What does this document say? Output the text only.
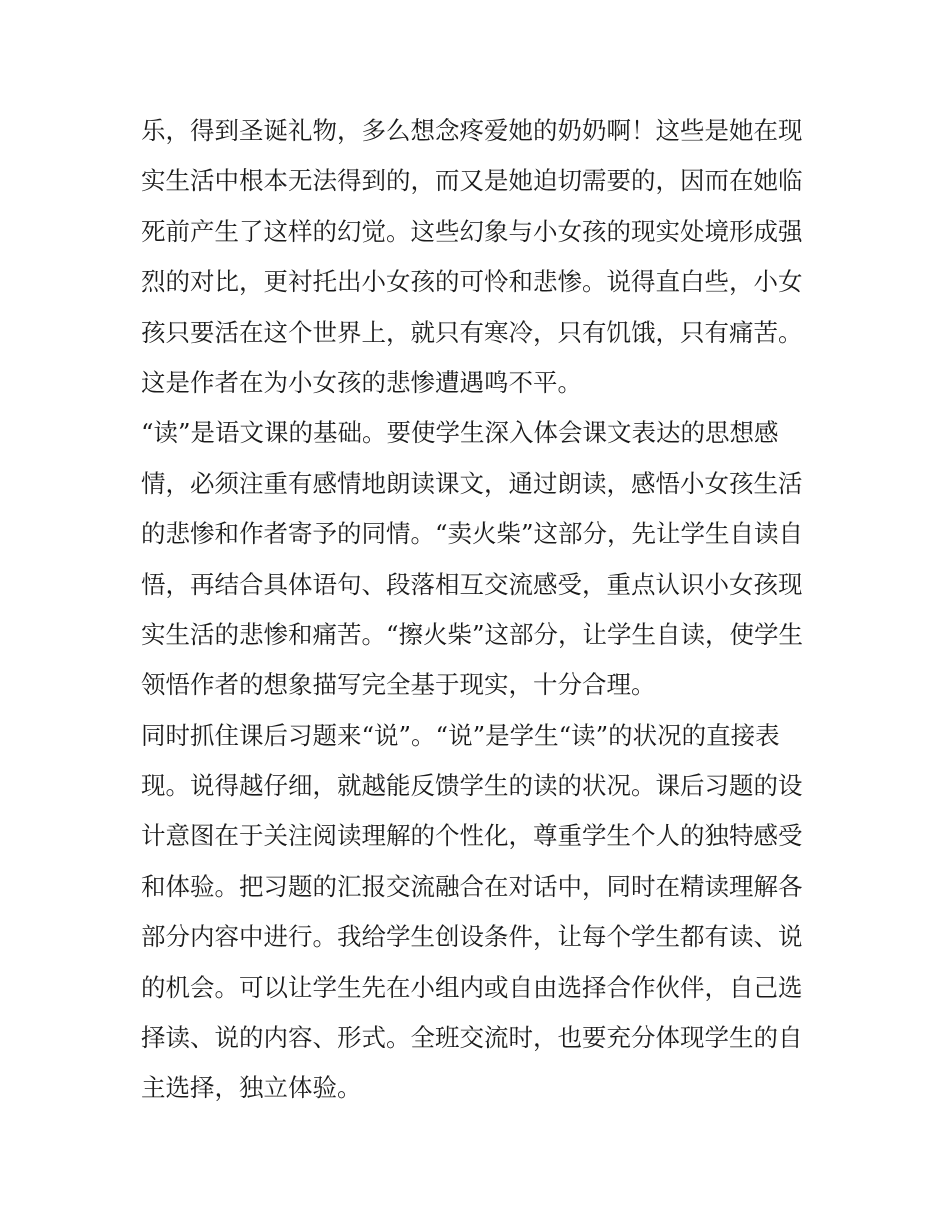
乐，得到圣诞礼物，多么想念疼爱她的奶奶啊！这些是她在现
实生活中根本无法得到的，而又是她迫切需要的，因而在她临
死前产生了这样的幻觉。这些幻象与小女孩的现实处境形成强
烈的对比，更衬托出小女孩的可怜和悲惨。说得直白些，小女
孩只要活在这个世界上，就只有寒冷，只有饥饿，只有痛苦。
这是作者在为小女孩的悲惨遭遇鸣不平。
“读”是语文课的基础。要使学生深入体会课文表达的思想感
情，必须注重有感情地朗读课文，通过朗读，感悟小女孩生活
的悲惨和作者寄予的同情。“卖火柴”这部分，先让学生自读自
悟，再结合具体语句、段落相互交流感受，重点认识小女孩现
实生活的悲惨和痛苦。“擦火柴”这部分，让学生自读，使学生
领悟作者的想象描写完全基于现实，十分合理。
同时抓住课后习题来“说”。“说”是学生“读”的状况的直接表
现。说得越仔细，就越能反馈学生的读的状况。课后习题的设
计意图在于关注阅读理解的个性化，尊重学生个人的独特感受
和体验。把习题的汇报交流融合在对话中，同时在精读理解各
部分内容中进行。我给学生创设条件，让每个学生都有读、说
的机会。可以让学生先在小组内或自由选择合作伙伴，自己选
择读、说的内容、形式。全班交流时，也要充分体现学生的自
主选择，独立体验。
